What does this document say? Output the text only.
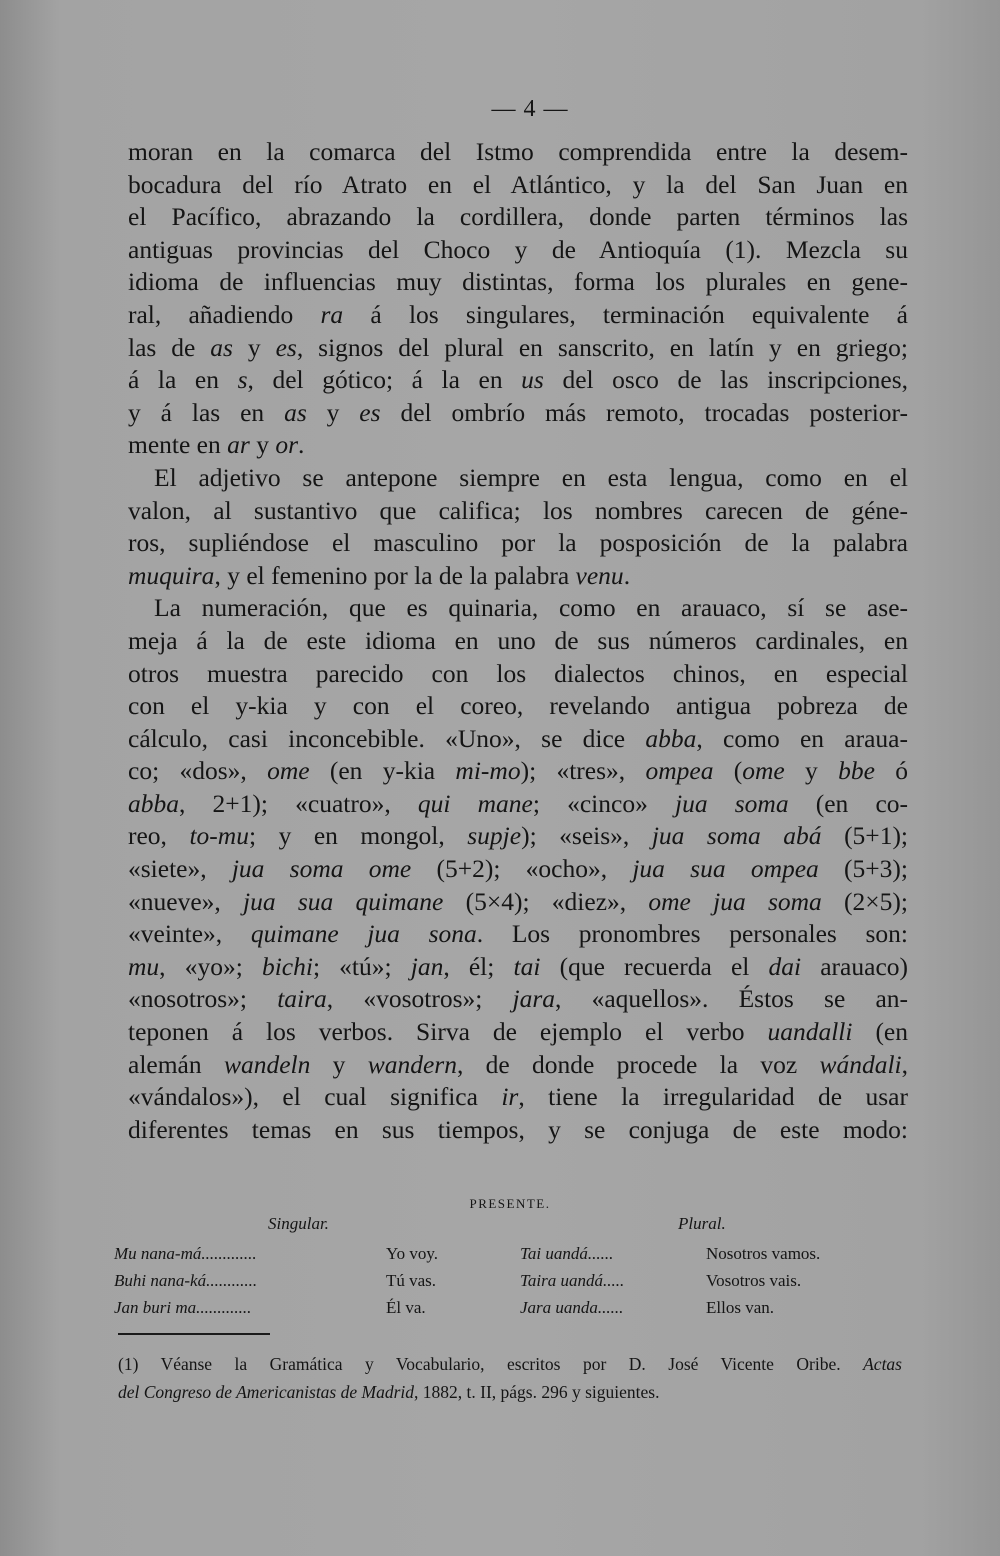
— 4 —
moran en la comarca del Istmo comprendida entre la desem-
bocadura del río Atrato en el Atlántico, y la del San Juan en
el Pacífico, abrazando la cordillera, donde parten términos las
antiguas provincias del Choco y de Antioquía (1). Mezcla su
idioma de influencias muy distintas, forma los plurales en gene-
ral, añadiendo ra á los singulares, terminación equivalente á
las de as y es, signos del plural en sanscrito, en latín y en griego;
á la en s, del gótico; á la en us del osco de las inscripciones,
y á las en as y es del ombrío más remoto, trocadas posterior-
mente en ar y or.
El adjetivo se antepone siempre en esta lengua, como en el
valon, al sustantivo que califica; los nombres carecen de géne-
ros, supliéndose el masculino por la posposición de la palabra
muquira, y el femenino por la de la palabra venu.
La numeración, que es quinaria, como en arauaco, sí se ase-
meja á la de este idioma en uno de sus números cardinales, en
otros muestra parecido con los dialectos chinos, en especial
con el y-kia y con el coreo, revelando antigua pobreza de
cálculo, casi inconcebible. «Uno», se dice abba, como en araua-
co; «dos», ome (en y-kia mi-mo); «tres», ompea (ome y bbe ó
abba, 2+1); «cuatro», qui mane; «cinco» jua soma (en co-
reo, to-mu; y en mongol, supje); «seis», jua soma abá (5+1);
«siete», jua soma ome (5+2); «ocho», jua sua ompea (5+3);
«nueve», jua sua quimane (5×4); «diez», ome jua soma (2×5);
«veinte», quimane jua sona. Los pronombres personales son:
mu, «yo»; bichi; «tú»; jan, él; tai (que recuerda el dai arauaco)
«nosotros»; taira, «vosotros»; jara, «aquellos». Éstos se an-
teponen á los verbos. Sirva de ejemplo el verbo uandalli (en
alemán wandeln y wandern, de donde procede la voz wándali,
«vándalos»), el cual significa ir, tiene la irregularidad de usar
diferentes temas en sus tiempos, y se conjuga de este modo:
PRESENTE.
Singular.	Plural.
Mu nana-má.............	Yo voy.	Tai uandá......	Nosotros vamos.
Buhi nana-ká............	Tú vas.	Taira uandá.....	Vosotros vais.
Jan buri ma.............	Él va.	Jara uanda......	Ellos van.
(1) Véanse la Gramática y Vocabulario, escritos por D. José Vicente Oribe. Actas
del Congreso de Americanistas de Madrid, 1882, t. II, págs. 296 y siguientes.
